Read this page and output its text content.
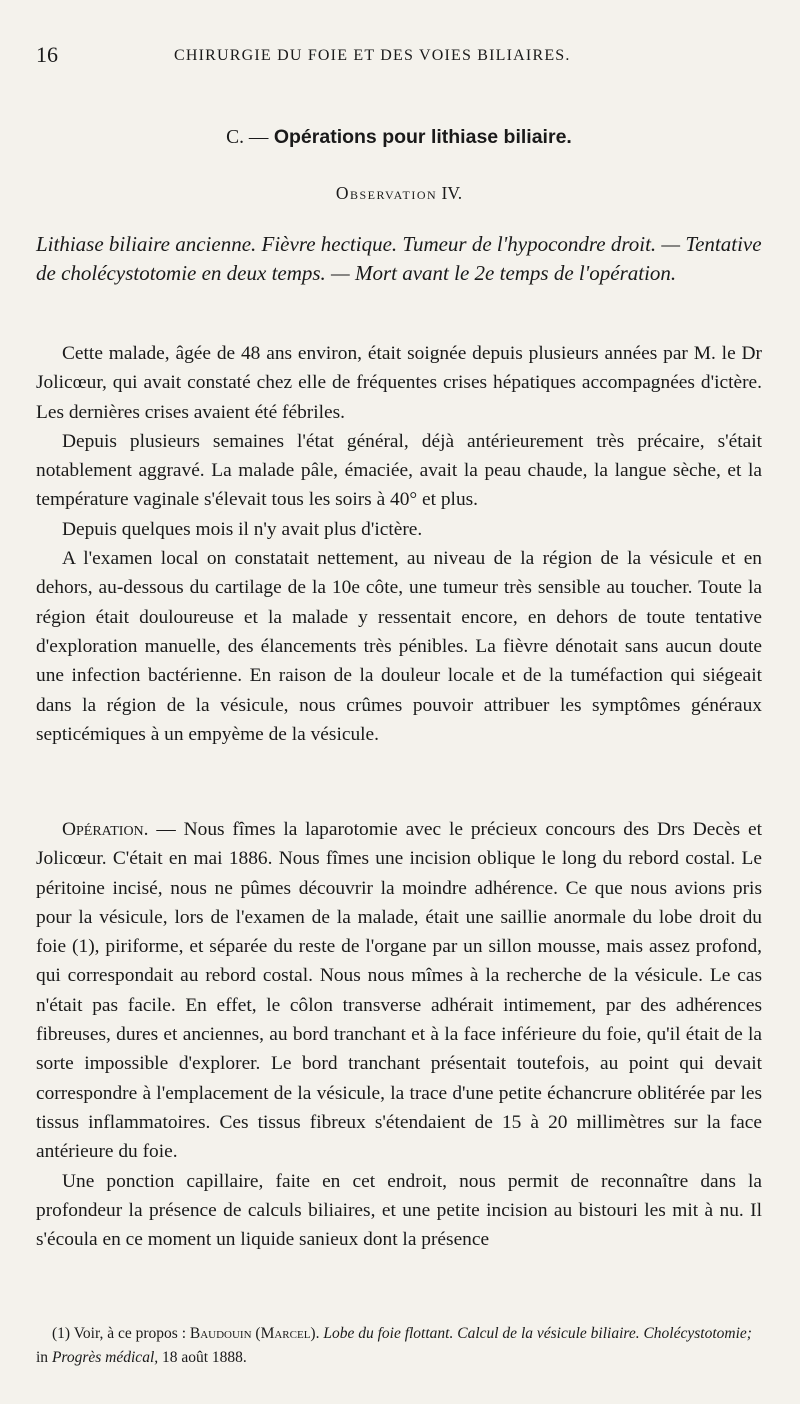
16	CHIRURGIE DU FOIE ET DES VOIES BILIAIRES.
C. — Opérations pour lithiase biliaire.
Observation IV.
Lithiase biliaire ancienne. Fièvre hectique. Tumeur de l'hypocondre droit. — Tentative de cholécystotomie en deux temps. — Mort avant le 2e temps de l'opération.

Cette malade, âgée de 48 ans environ, était soignée depuis plusieurs années par M. le Dr Jolicœur, qui avait constaté chez elle de fréquentes crises hépatiques accompagnées d'ictère. Les dernières crises avaient été fébriles.

Depuis plusieurs semaines l'état général, déjà antérieurement très précaire, s'était notablement aggravé. La malade pâle, émaciée, avait la peau chaude, la langue sèche, et la température vaginale s'élevait tous les soirs à 40° et plus.

Depuis quelques mois il n'y avait plus d'ictère.

A l'examen local on constatait nettement, au niveau de la région de la vésicule et en dehors, au-dessous du cartilage de la 10e côte, une tumeur très sensible au toucher. Toute la région était douloureuse et la malade y ressentait encore, en dehors de toute tentative d'exploration manuelle, des élancements très pénibles. La fièvre dénotait sans aucun doute une infection bactérienne. En raison de la douleur locale et de la tuméfaction qui siégeait dans la région de la vésicule, nous crûmes pouvoir attribuer les symptômes généraux septicémiques à un empyème de la vésicule.

Opération. — Nous fîmes la laparotomie avec le précieux concours des Drs Decès et Jolicœur. C'était en mai 1886. Nous fîmes une incision oblique le long du rebord costal. Le péritoine incisé, nous ne pûmes découvrir la moindre adhérence. Ce que nous avions pris pour la vésicule, lors de l'examen de la malade, était une saillie anormale du lobe droit du foie (1), piriforme, et séparée du reste de l'organe par un sillon mousse, mais assez profond, qui correspondait au rebord costal. Nous nous mîmes à la recherche de la vésicule. Le cas n'était pas facile. En effet, le côlon transverse adhérait intimement, par des adhérences fibreuses, dures et anciennes, au bord tranchant et à la face inférieure du foie, qu'il était de la sorte impossible d'explorer. Le bord tranchant présentait toutefois, au point qui devait correspondre à l'emplacement de la vésicule, la trace d'une petite échancrure oblitérée par les tissus inflammatoires. Ces tissus fibreux s'étendaient de 15 à 20 millimètres sur la face antérieure du foie.

Une ponction capillaire, faite en cet endroit, nous permit de reconnaître dans la profondeur la présence de calculs biliaires, et une petite incision au bistouri les mit à nu. Il s'écoula en ce moment un liquide sanieux dont la présence

(1) Voir, à ce propos : Baudouin (Marcel). Lobe du foie flottant. Calcul de la vésicule biliaire. Cholécystotomie; in Progrès médical, 18 août 1888.
